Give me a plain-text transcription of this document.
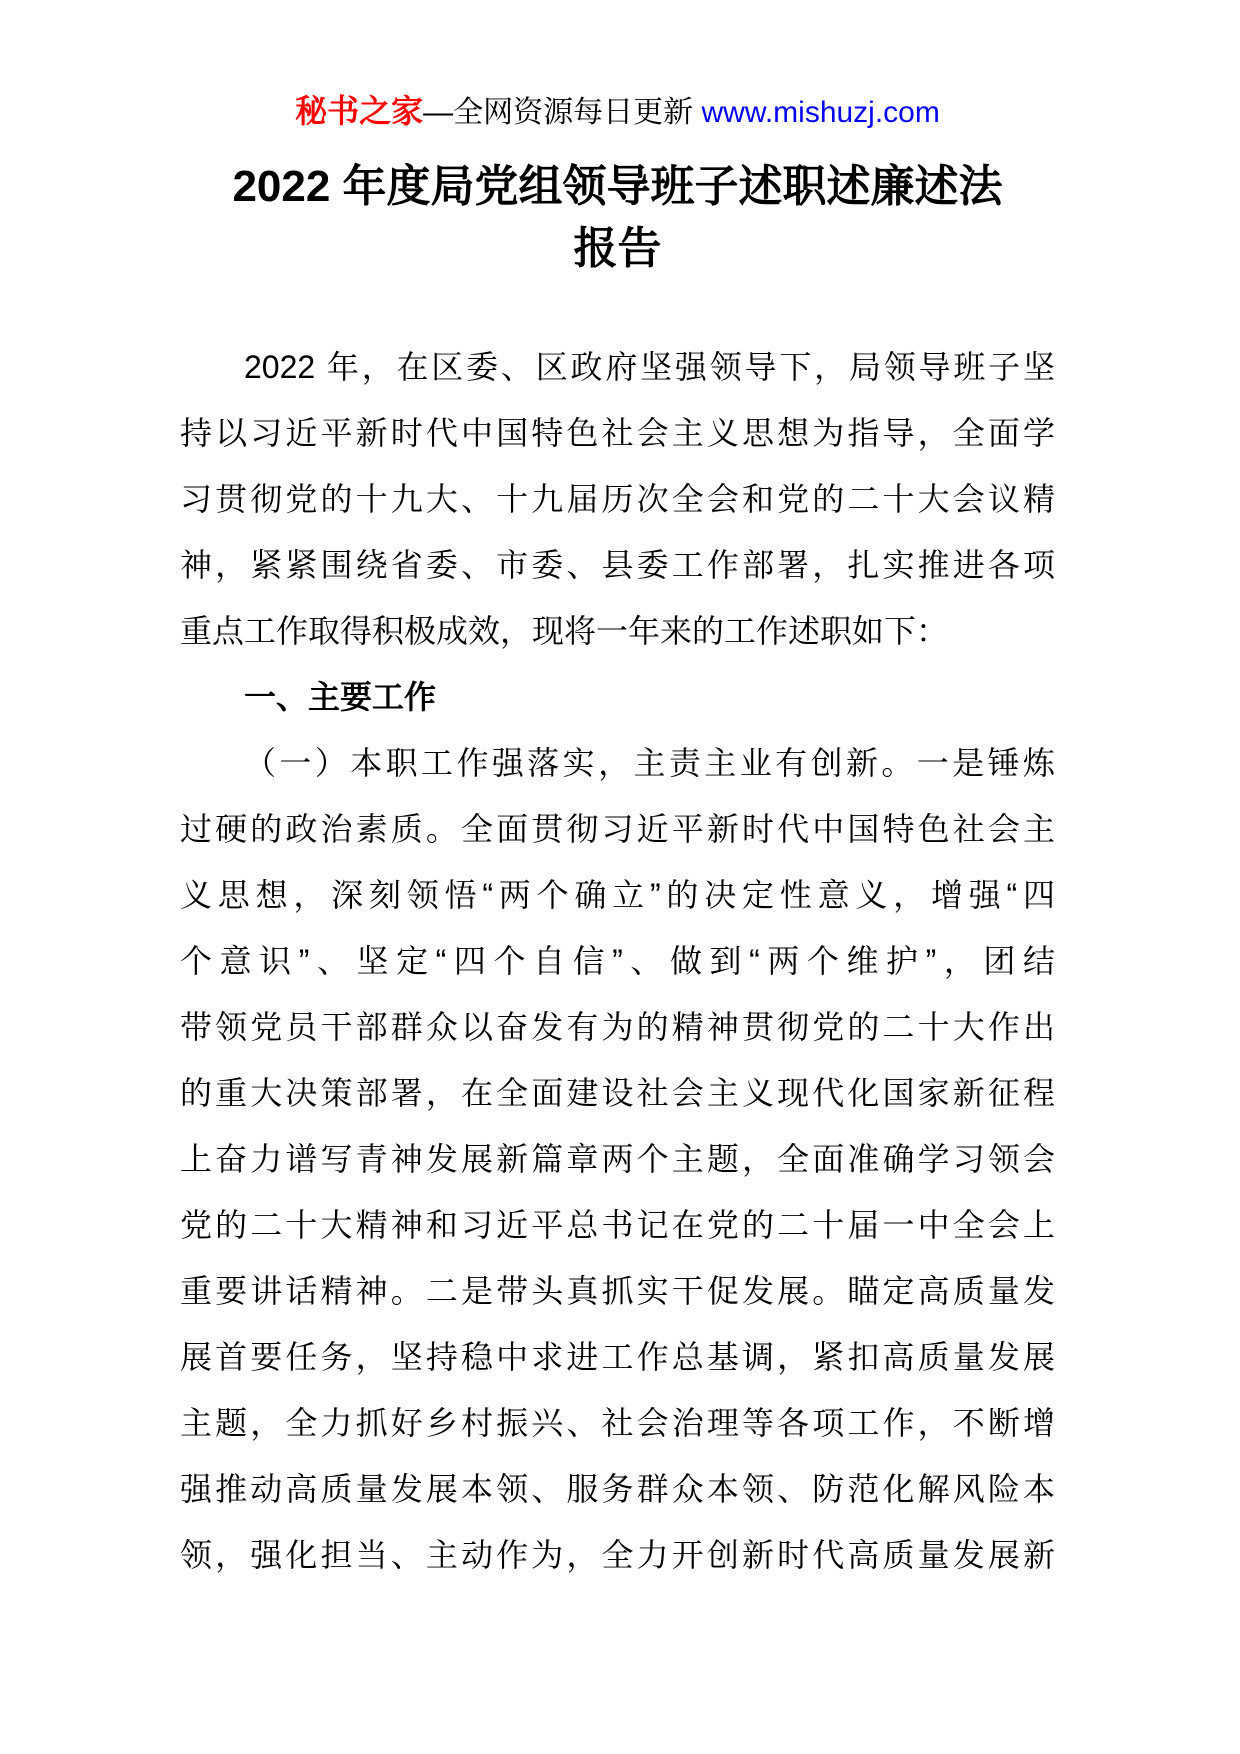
秘书之家—全网资源每日更新 www.mishuzj.com
2022 年度局党组领导班子述职述廉述法
报告
2022 年，在区委、区政府坚强领导下，局领导班子坚
持以习近平新时代中国特色社会主义思想为指导，全面学
习贯彻党的十九大、十九届历次全会和党的二十大会议精
神，紧紧围绕省委、市委、县委工作部署，扎实推进各项
重点工作取得积极成效，现将一年来的工作述职如下：
一、主要工作
（一）本职工作强落实，主责主业有创新。一是锤炼
过硬的政治素质。全面贯彻习近平新时代中国特色社会主
义思想，深刻领悟“两个确立”的决定性意义，增强“四
个意识”、坚定“四个自信”、做到“两个维护”，团结
带领党员干部群众以奋发有为的精神贯彻党的二十大作出
的重大决策部署，在全面建设社会主义现代化国家新征程
上奋力谱写青神发展新篇章两个主题，全面准确学习领会
党的二十大精神和习近平总书记在党的二十届一中全会上
重要讲话精神。二是带头真抓实干促发展。瞄定高质量发
展首要任务，坚持稳中求进工作总基调，紧扣高质量发展
主题，全力抓好乡村振兴、社会治理等各项工作，不断增
强推动高质量发展本领、服务群众本领、防范化解风险本
领，强化担当、主动作为，全力开创新时代高质量发展新
